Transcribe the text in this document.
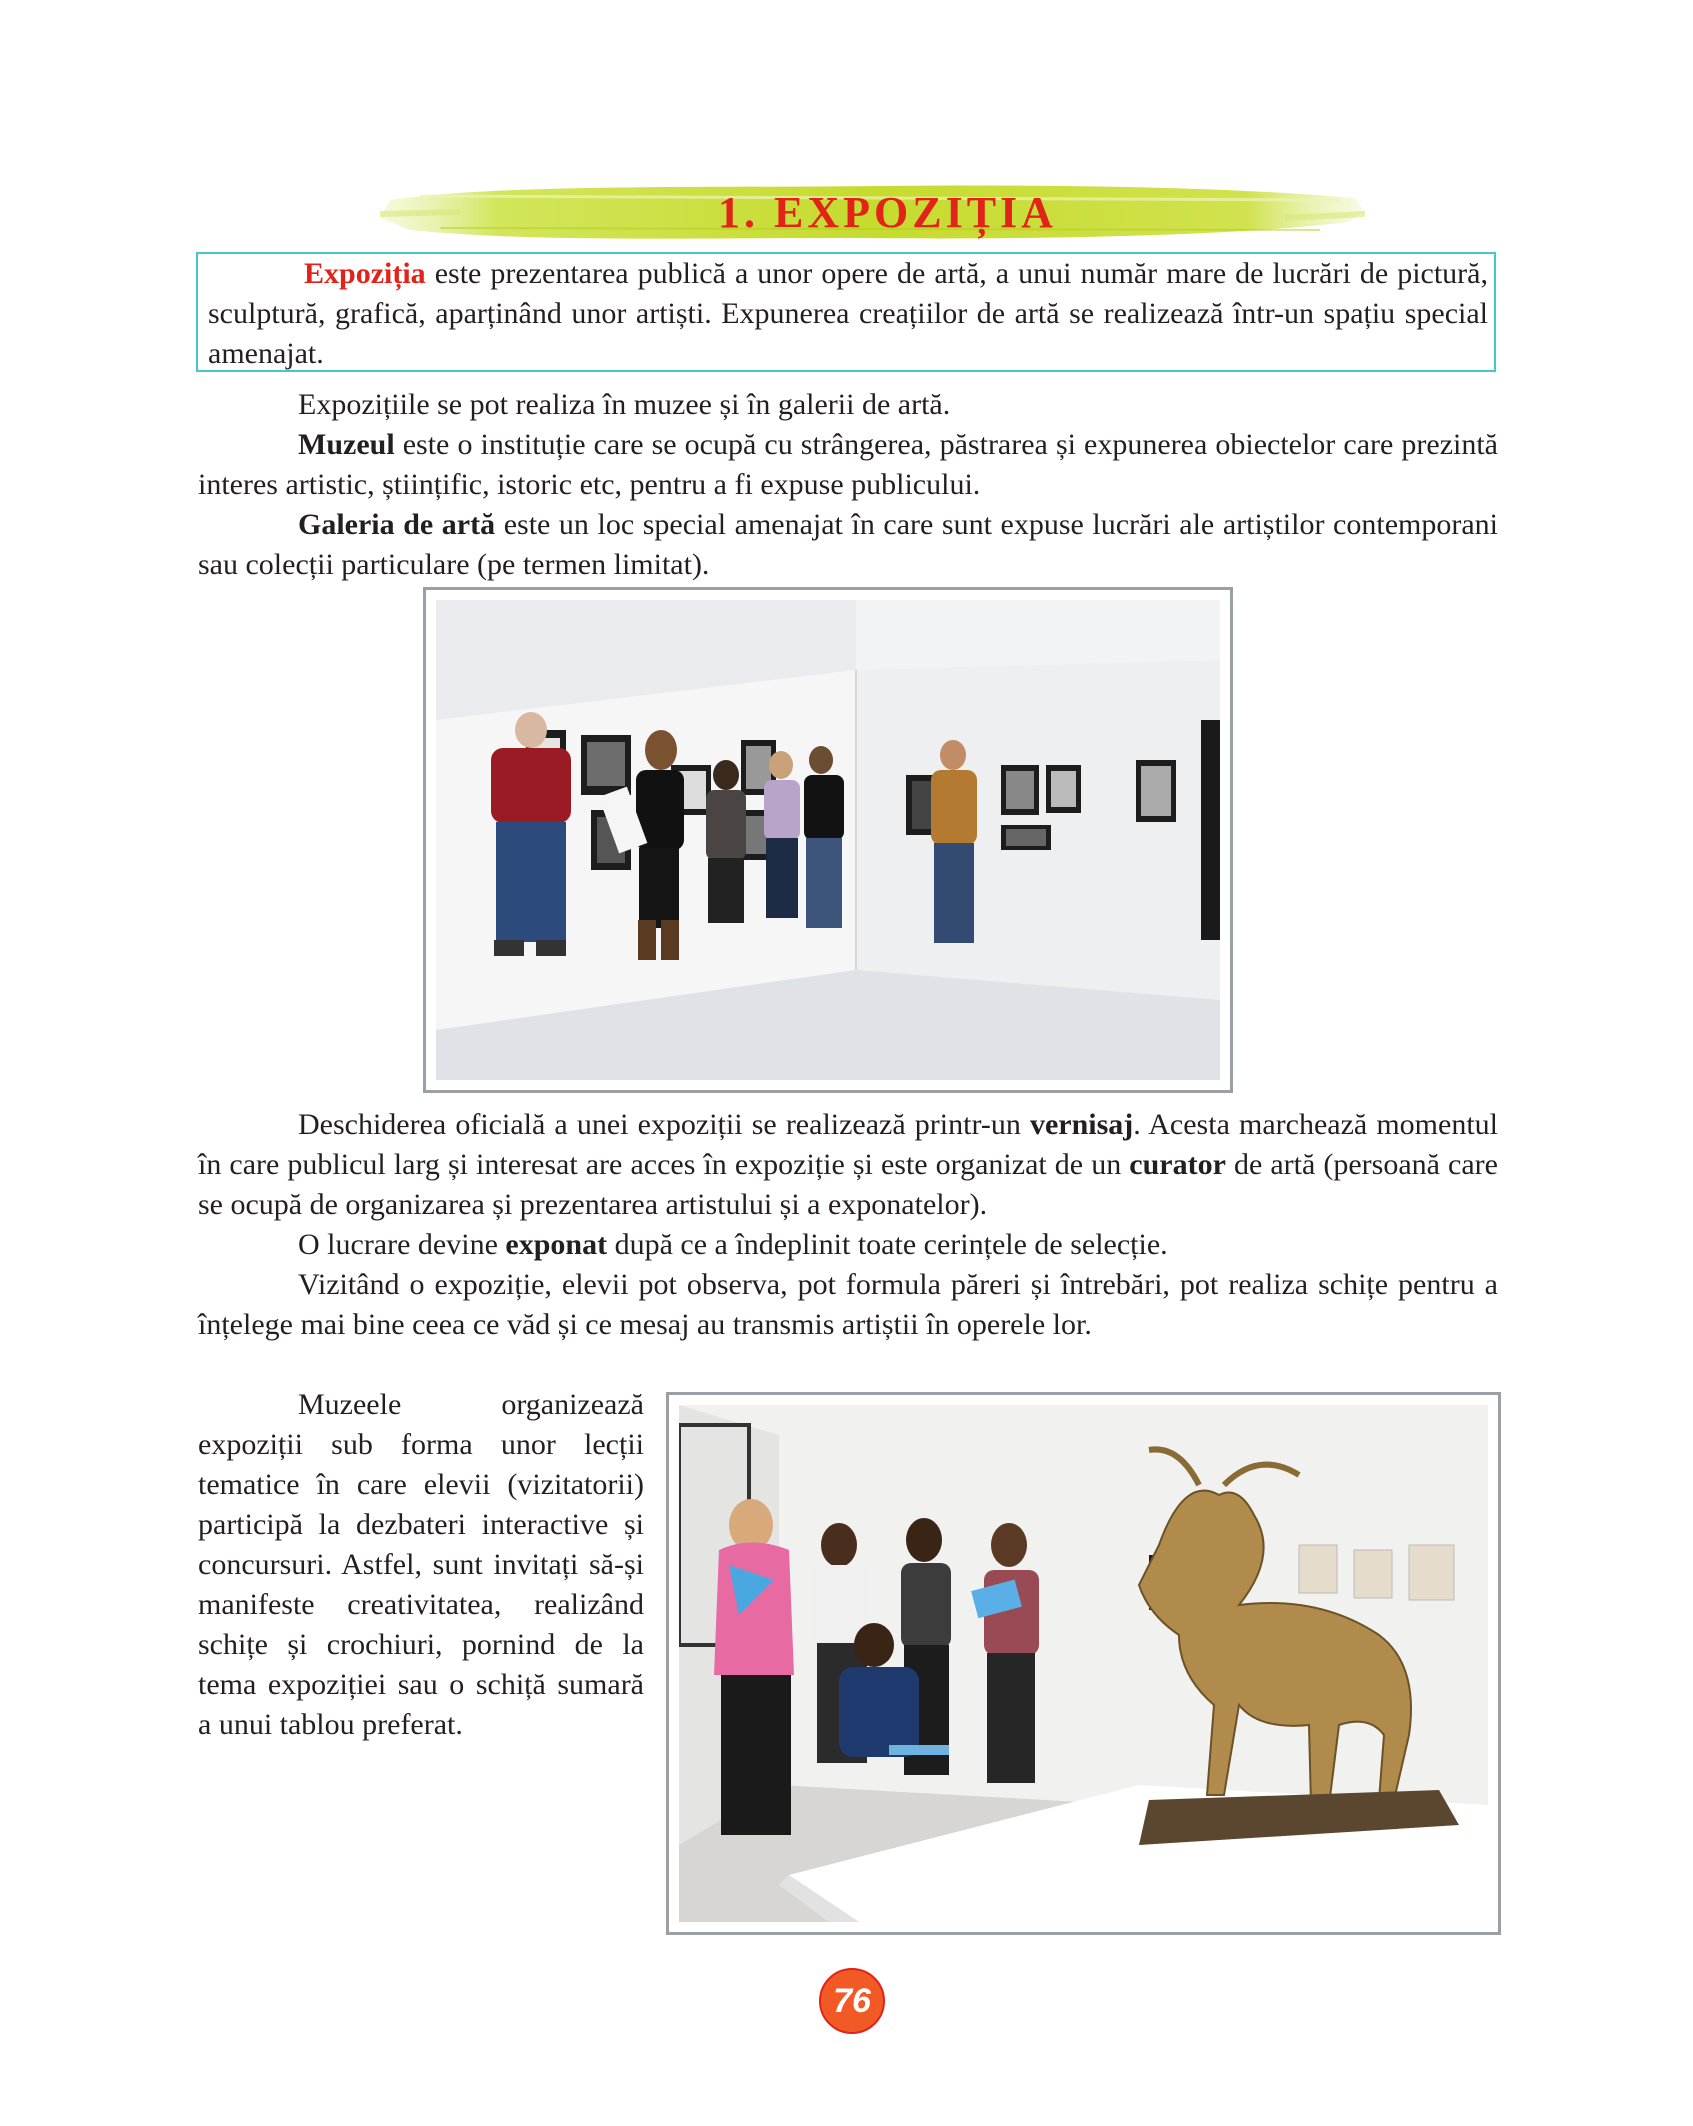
1. EXPOZIȚIA

Expoziția este prezentarea publică a unor opere de artă, a unui număr mare de lucrări de pictură, sculptură, grafică, aparținând unor artiști. Expunerea creațiilor de artă se realizează într-un spațiu special amenajat.

Expozițiile se pot realiza în muzee și în galerii de artă.

Muzeul este o instituție care se ocupă cu strângerea, păstrarea și expunerea obiectelor care prezintă interes artistic, științific, istoric etc, pentru a fi expuse publicului.

Galeria de artă este un loc special amenajat în care sunt expuse lucrări ale artiștilor contemporani sau colecții particulare (pe termen limitat).

Deschiderea oficială a unei expoziții se realizează printr-un vernisaj. Acesta marchează momentul în care publicul larg și interesat are acces în expoziție și este organizat de un curator de artă (persoană care se ocupă de organizarea și prezentarea artistului și a exponatelor).

O lucrare devine exponat după ce a îndeplinit toate cerințele de selecție.

Vizitând o expoziție, elevii pot observa, pot formula păreri și întrebări, pot realiza schițe pentru a înțelege mai bine ceea ce văd și ce mesaj au transmis artiștii în operele lor.

Muzeele organizează expoziții sub forma unor lecții tematice în care elevii (vizitatorii) participă la dezbateri interactive și concursuri. Astfel, sunt invitați să-și manifeste creativitatea, realizând schițe și crochiuri, pornind de la tema expoziției sau o schiță sumară a unui tablou preferat.

76
